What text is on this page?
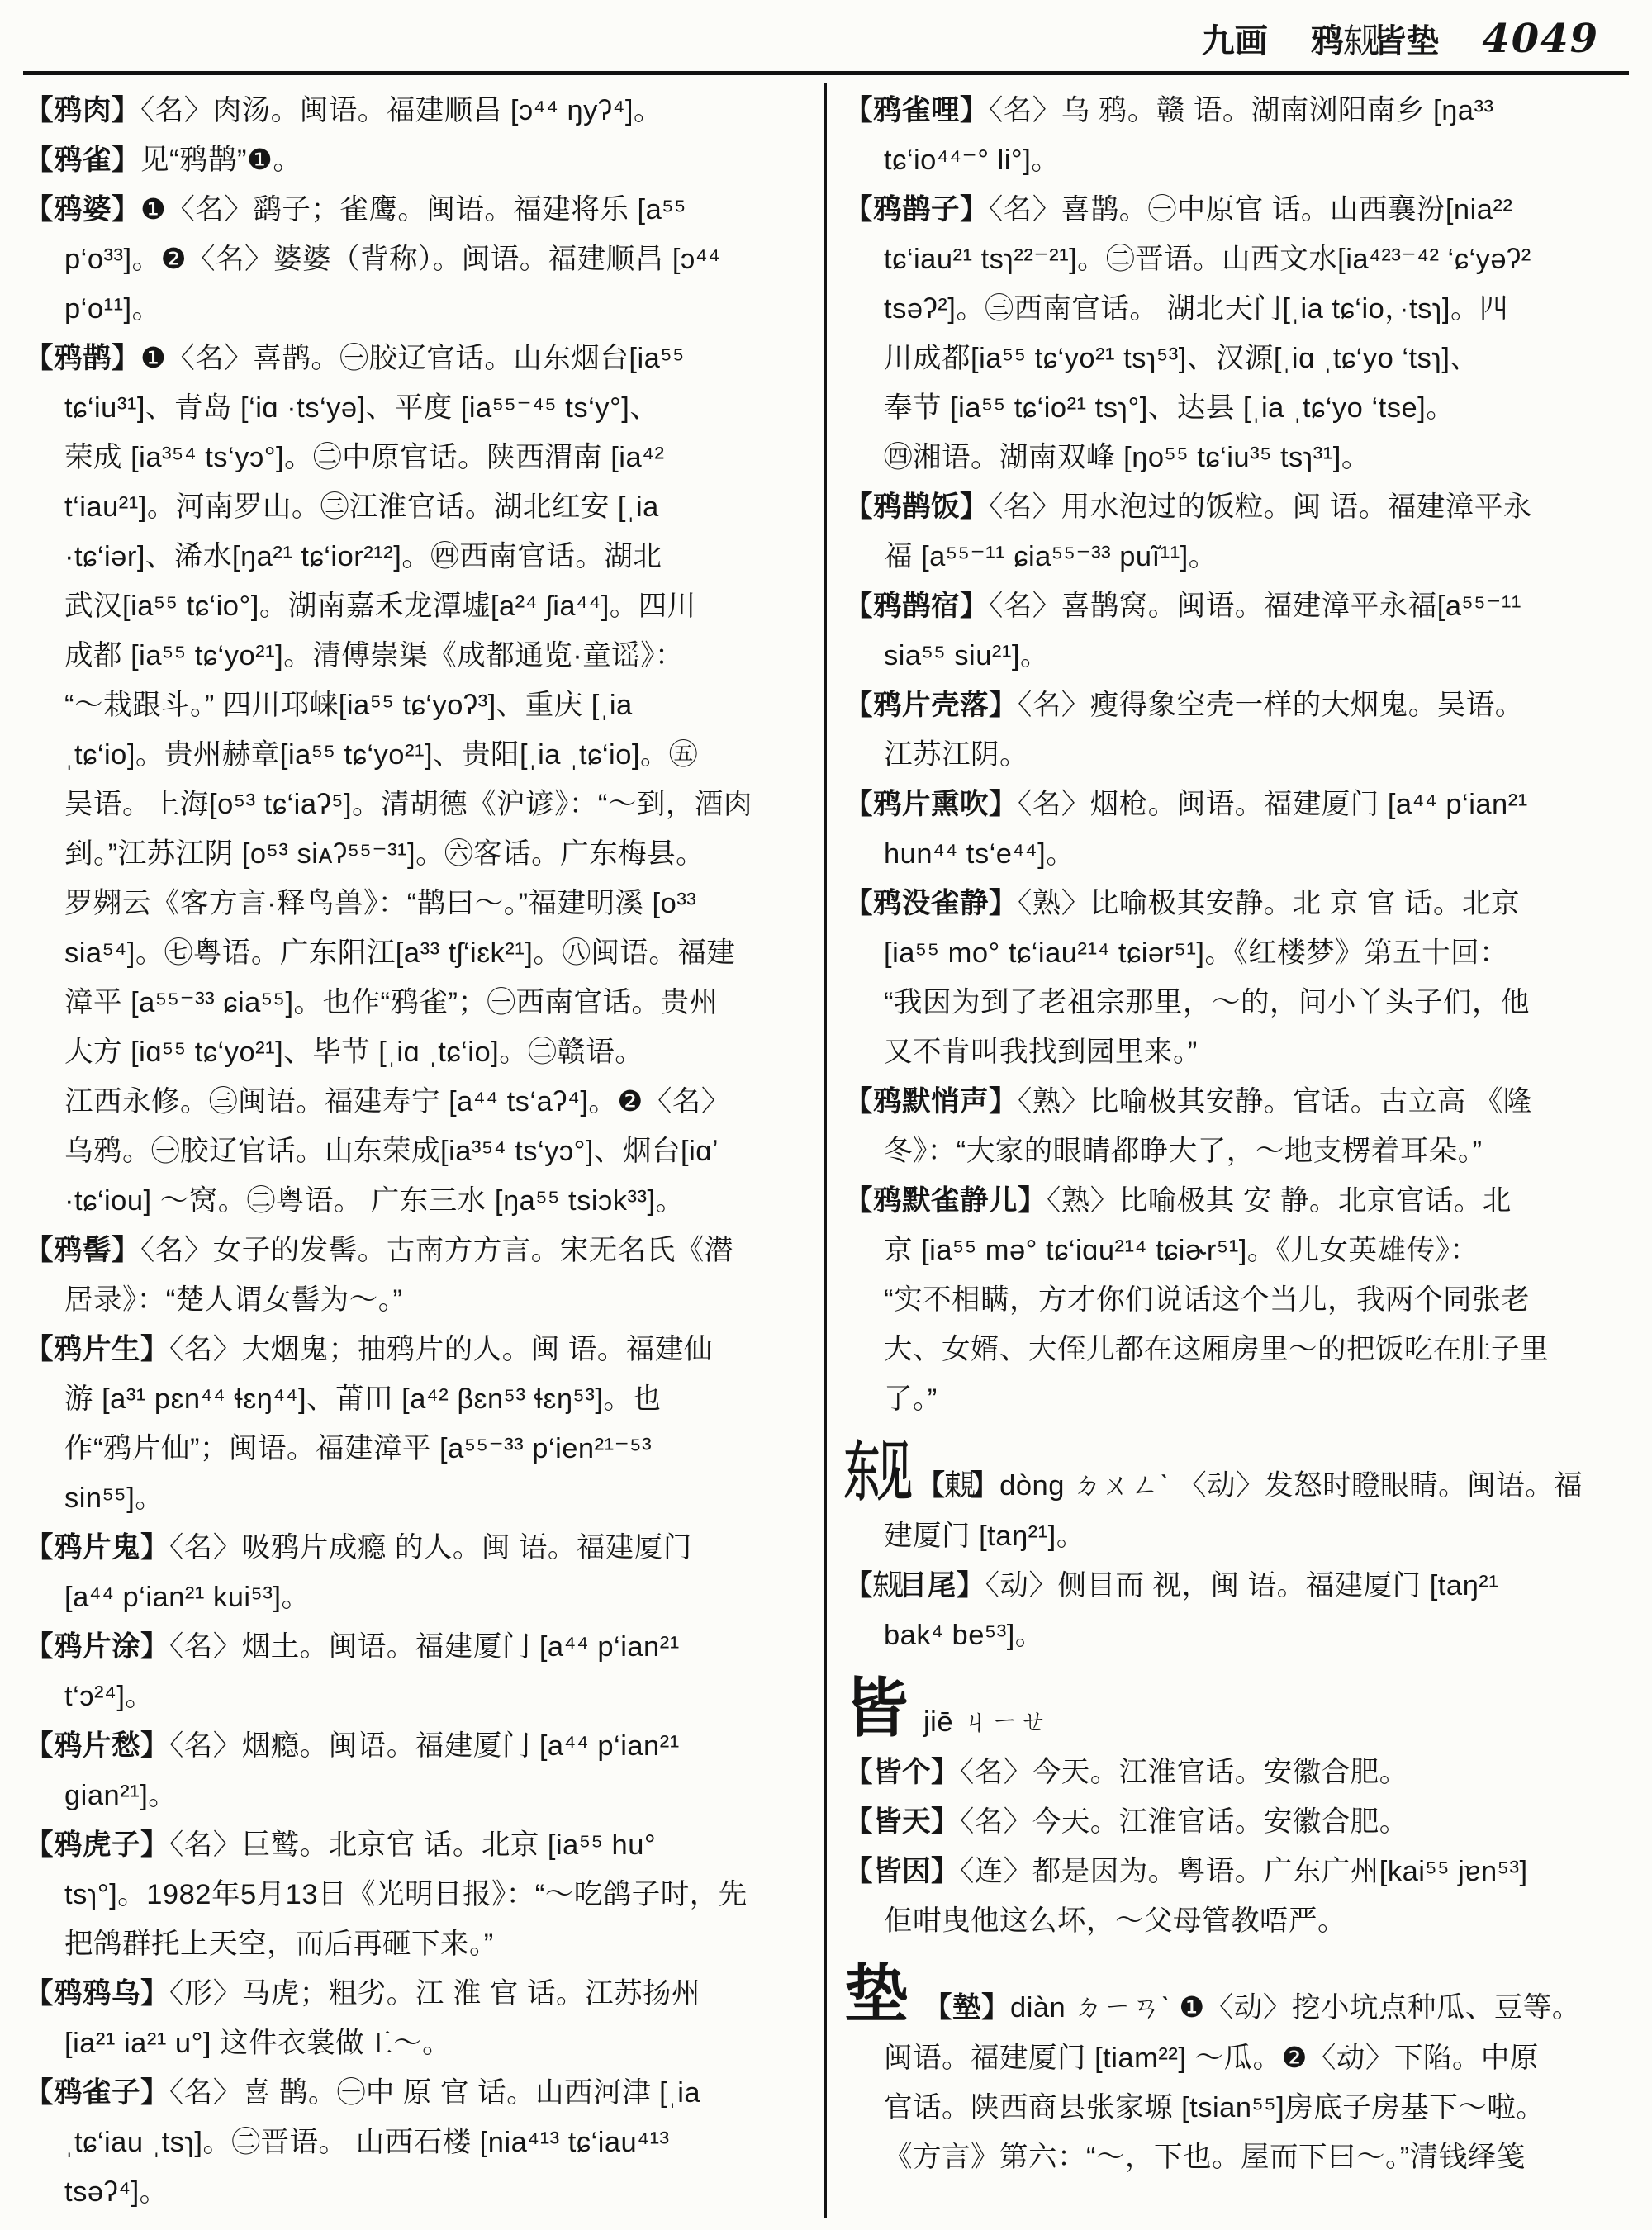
九画 鸦东见皆垫 4049
【鸦肉】〈名〉肉汤。闽语。福建顺昌 [ɔ⁴⁴ ŋyʔ⁴]。
【鸦雀】见“鸦鹊”❶。
【鸦婆】❶〈名〉鹞子；雀鹰。闽语。福建将乐 [a⁵⁵
p‘o³³]。❷〈名〉婆婆（背称）。闽语。福建顺昌 [ɔ⁴⁴
p‘o¹¹]。
【鸦鹊】❶〈名〉喜鹊。㊀胶辽官话。山东烟台[ia⁵⁵
tɕ‘iu³¹]、青岛 [‘iɑ ·ts‘yə]、平度 [ia⁵⁵⁻⁴⁵ ts‘y°]、
荣成 [ia³⁵⁴ ts‘yɔ°]。㊁中原官话。陕西渭南 [ia⁴²
t‘iau²¹]。河南罗山。㊂江淮官话。湖北红安 [ˌia
·tɕ‘iər]、浠水[ŋa²¹ tɕ‘ior²¹²]。㊃西南官话。湖北
武汉[ia⁵⁵ tɕ‘io°]。湖南嘉禾龙潭墟[a²⁴ ʃia⁴⁴]。四川
成都 [ia⁵⁵ tɕ‘yo²¹]。清傅崇渠《成都通览·童谣》：
“～栽跟斗。” 四川邛崃[ia⁵⁵ tɕ‘yoʔ³]、重庆 [ˌia
ˌtɕ‘io]。贵州赫章[ia⁵⁵ tɕ‘yo²¹]、贵阳[ˌia ˌtɕ‘io]。㊄
吴语。上海[o⁵³ tɕ‘iaʔ⁵]。清胡德《沪谚》：“～到，酒肉
到。”江苏江阴 [o⁵³ siᴀʔ⁵⁵⁻³¹]。㊅客话。广东梅县。
罗翙云《客方言·释鸟兽》：“鹊曰～。”福建明溪 [o³³
sia⁵⁴]。㊆粤语。广东阳江[a³³ tʃ‘iɛk²¹]。㊇闽语。福建
漳平 [a⁵⁵⁻³³ ɕia⁵⁵]。也作“鸦雀”；㊀西南官话。贵州
大方 [iɑ⁵⁵ tɕ‘yo²¹]、毕节 [ˌiɑ ˌtɕ‘io]。㊁赣语。
江西永修。㊂闽语。福建寿宁 [a⁴⁴ ts‘aʔ⁴]。❷〈名〉
乌鸦。㊀胶辽官话。山东荣成[ia³⁵⁴ ts‘yɔ°]、烟台[iɑʼ
·tɕ‘iou] ～窝。㊁粤语。 广东三水 [ŋa⁵⁵ tsiɔk³³]。
【鸦髻】〈名〉女子的发髻。古南方方言。宋无名氏《潜
居录》：“楚人谓女髻为～。”
【鸦片生】〈名〉大烟鬼；抽鸦片的人。闽 语。福建仙
游 [a³¹ pɛn⁴⁴ ɬɛŋ⁴⁴]、莆田 [a⁴² βɛn⁵³ ɬɛŋ⁵³]。也
作“鸦片仙”；闽语。福建漳平 [a⁵⁵⁻³³ p‘ien²¹⁻⁵³
sin⁵⁵]。
【鸦片鬼】〈名〉吸鸦片成瘾 的人。闽 语。福建厦门
[a⁴⁴ p‘ian²¹ kui⁵³]。
【鸦片涂】〈名〉烟土。闽语。福建厦门 [a⁴⁴ p‘ian²¹
t‘ɔ²⁴]。
【鸦片愁】〈名〉烟瘾。闽语。福建厦门 [a⁴⁴ p‘ian²¹
gian²¹]。
【鸦虎子】〈名〉巨鹫。北京官 话。北京 [ia⁵⁵ hu°
tsɿ°]。1982年5月13日《光明日报》：“～吃鸽子时，先
把鸽群托上天空，而后再砸下来。”
【鸦鸦乌】〈形〉马虎；粗劣。江 淮 官 话。江苏扬州
[ia²¹ ia²¹ u°] 这件衣裳做工～。
【鸦雀子】〈名〉喜 鹊。㊀中 原 官 话。山西河津 [ˌia
ˌtɕ‘iau ˌtsɿ]。㊁晋语。 山西石楼 [nia⁴¹³ tɕ‘iau⁴¹³
tsəʔ⁴]。
【鸦雀哩】〈名〉乌 鸦。赣 语。湖南浏阳南乡 [ŋa³³
tɕ‘io⁴⁴⁻° li°]。
【鸦鹊子】〈名〉喜鹊。㊀中原官 话。山西襄汾[nia²²
tɕ‘iau²¹ tsɿ²²⁻²¹]。㊁晋语。山西文水[ia⁴²³⁻⁴² ‘ɕ‘yəʔ²
tsəʔ²]。㊂西南官话。 湖北天门[ˌia tɕ‘io，·tsɿ]。四
川成都[ia⁵⁵ tɕ‘yo²¹ tsɿ⁵³]、汉源[ˌiɑ ˌtɕ‘yo ‘tsɿ]、
奉节 [ia⁵⁵ tɕ‘io²¹ tsɿ°]、达县 [ˌia ˌtɕ‘yo ‘tse]。
㊃湘语。湖南双峰 [ŋo⁵⁵ tɕ‘iu³⁵ tsɿ³¹]。
【鸦鹊饭】〈名〉用水泡过的饭粒。闽 语。福建漳平永
福 [a⁵⁵⁻¹¹ ɕia⁵⁵⁻³³ puĩ¹¹]。
【鸦鹊宿】〈名〉喜鹊窝。闽语。福建漳平永福[a⁵⁵⁻¹¹
sia⁵⁵ siu²¹]。
【鸦片壳落】〈名〉瘦得象空壳一样的大烟鬼。吴语。
江苏江阴。
【鸦片熏吹】〈名〉烟枪。闽语。福建厦门 [a⁴⁴ p‘ian²¹
hun⁴⁴ ts‘e⁴⁴]。
【鸦没雀静】〈熟〉比喻极其安静。北 京 官 话。北京
[ia⁵⁵ mo° tɕ‘iau²¹⁴ tɕiər⁵¹]。《红楼梦》第五十回：
“我因为到了老祖宗那里，～的，问小丫头子们，他
又不肯叫我找到园里来。”
【鸦默悄声】〈熟〉比喻极其安静。官话。古立高 《隆
冬》：“大家的眼睛都睁大了，～地支楞着耳朵。”
【鸦默雀静儿】〈熟〉比喻极其 安 静。北京官话。北
京 [ia⁵⁵ mə° tɕ‘iɑu²¹⁴ tɕiɚr⁵¹]。《儿女英雄传》：
“实不相瞒，方才你们说话这个当儿，我两个同张老
大、女婿、大侄儿都在这厢房里～的把饭吃在肚子里
了。”
东见 【東見】dòng ㄉㄨㄥˋ 〈动〉发怒时瞪眼睛。闽语。福
建厦门 [taŋ²¹]。
【东见目尾】〈动〉侧目而 视，闽 语。福建厦门 [taŋ²¹
bak⁴ be⁵³]。
皆 jiē ㄐㄧㄝ
【皆个】〈名〉今天。江淮官话。安徽合肥。
【皆天】〈名〉今天。江淮官话。安徽合肥。
【皆因】〈连〉都是因为。粤语。广东广州[kai⁵⁵ jɐn⁵³]
佢咁曳他这么坏，～父母管教唔严。
垫 【墊】diàn ㄉㄧㄢˋ ❶〈动〉挖小坑点种瓜、豆等。
闽语。福建厦门 [tiam²²] ～瓜。❷〈动〉下陷。中原
官话。陕西商县张家塬 [tsian⁵⁵]房底子房基下～啦。
《方言》第六：“～，下也。屋而下曰～。”清钱绎笺
